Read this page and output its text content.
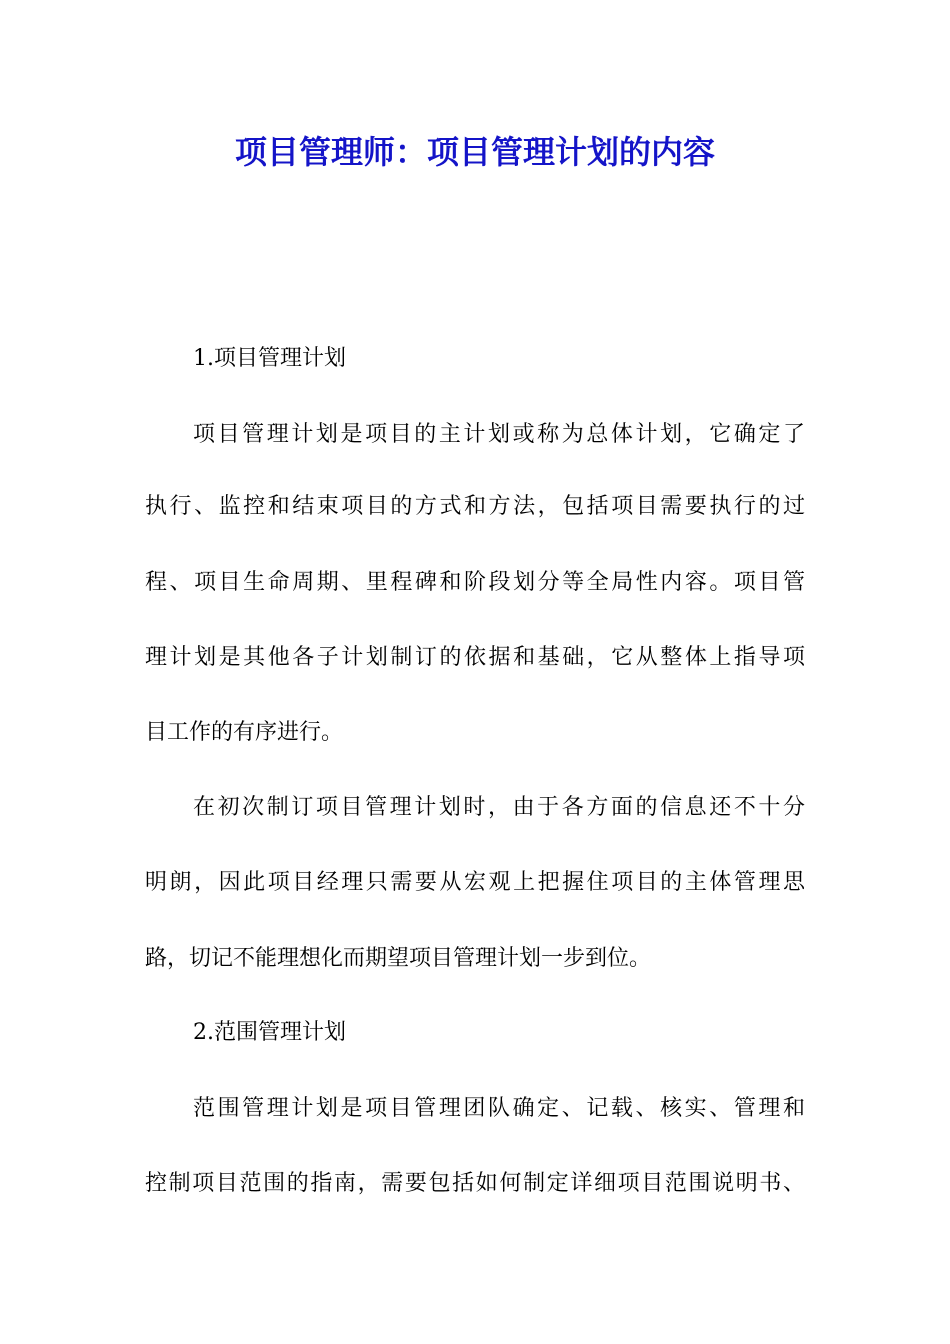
项目管理师：项目管理计划的内容

1.项目管理计划

项目管理计划是项目的主计划或称为总体计划，它确定了

执行、监控和结束项目的方式和方法，包括项目需要执行的过

程、项目生命周期、里程碑和阶段划分等全局性内容。项目管

理计划是其他各子计划制订的依据和基础，它从整体上指导项

目工作的有序进行。

在初次制订项目管理计划时，由于各方面的信息还不十分

明朗，因此项目经理只需要从宏观上把握住项目的主体管理思

路，切记不能理想化而期望项目管理计划一步到位。

2.范围管理计划

范围管理计划是项目管理团队确定、记载、核实、管理和

控制项目范围的指南，需要包括如何制定详细项目范围说明书、
